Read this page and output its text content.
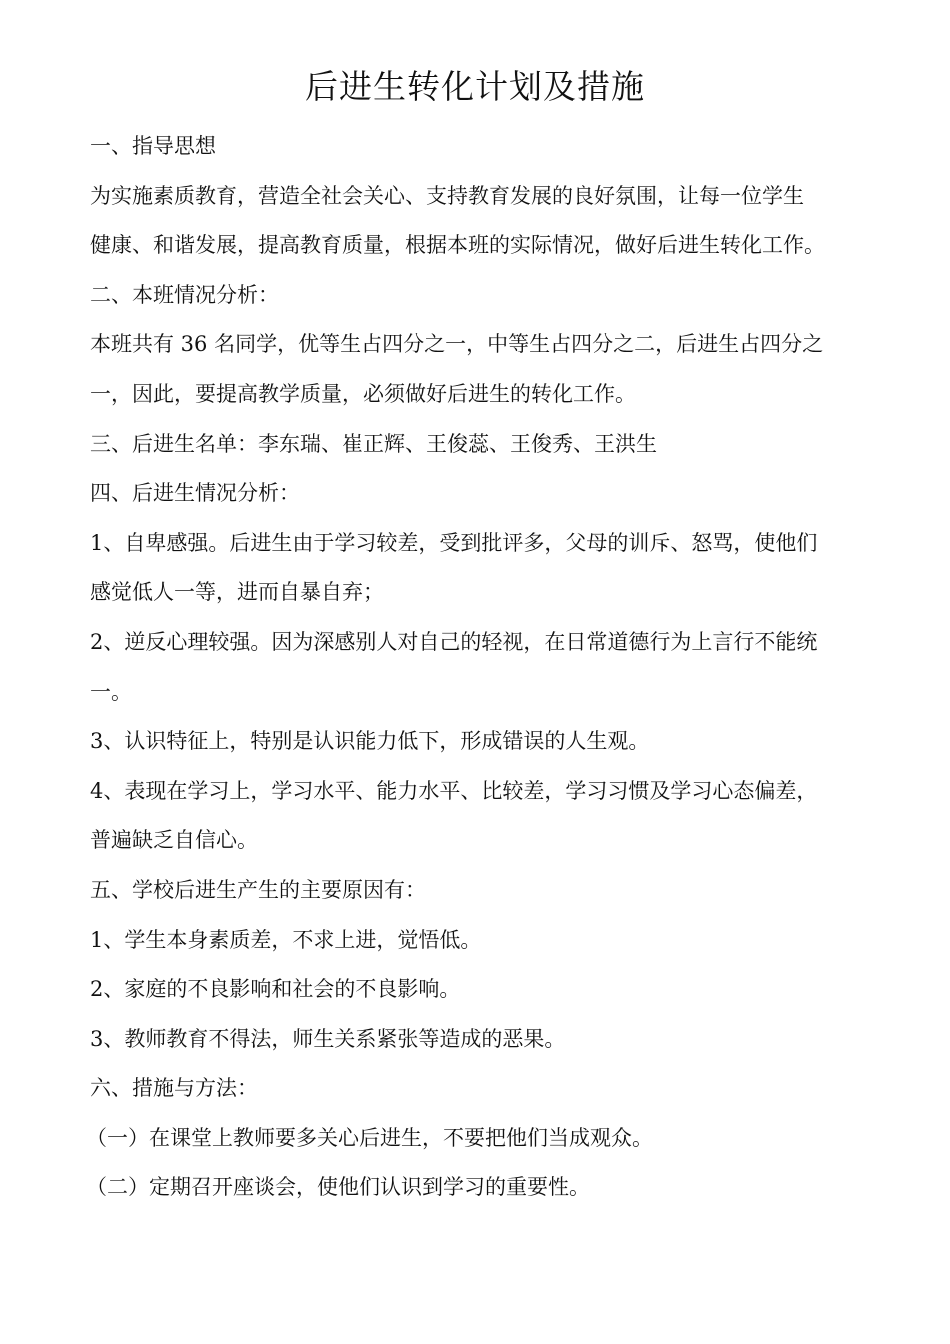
后进生转化计划及措施
一、指导思想
为实施素质教育，营造全社会关心、支持教育发展的良好氛围，让每一位学生
健康、和谐发展，提高教育质量，根据本班的实际情况，做好后进生转化工作。
二、本班情况分析：
本班共有 36 名同学，优等生占四分之一，中等生占四分之二，后进生占四分之
一，因此，要提高教学质量，必须做好后进生的转化工作。
三、后进生名单：李东瑞、崔正辉、王俊蕊、王俊秀、王洪生
四、后进生情况分析：
1、自卑感强。后进生由于学习较差，受到批评多，父母的训斥、怒骂，使他们
感觉低人一等，进而自暴自弃；
2、逆反心理较强。因为深感别人对自己的轻视，在日常道德行为上言行不能统
一。
3、认识特征上，特别是认识能力低下，形成错误的人生观。
4、表现在学习上，学习水平、能力水平、比较差，学习习惯及学习心态偏差，
普遍缺乏自信心。
五、学校后进生产生的主要原因有：
1、学生本身素质差，不求上进，觉悟低。
2、家庭的不良影响和社会的不良影响。
3、教师教育不得法，师生关系紧张等造成的恶果。
六、措施与方法：
（一）在课堂上教师要多关心后进生，不要把他们当成观众。
（二）定期召开座谈会，使他们认识到学习的重要性。
